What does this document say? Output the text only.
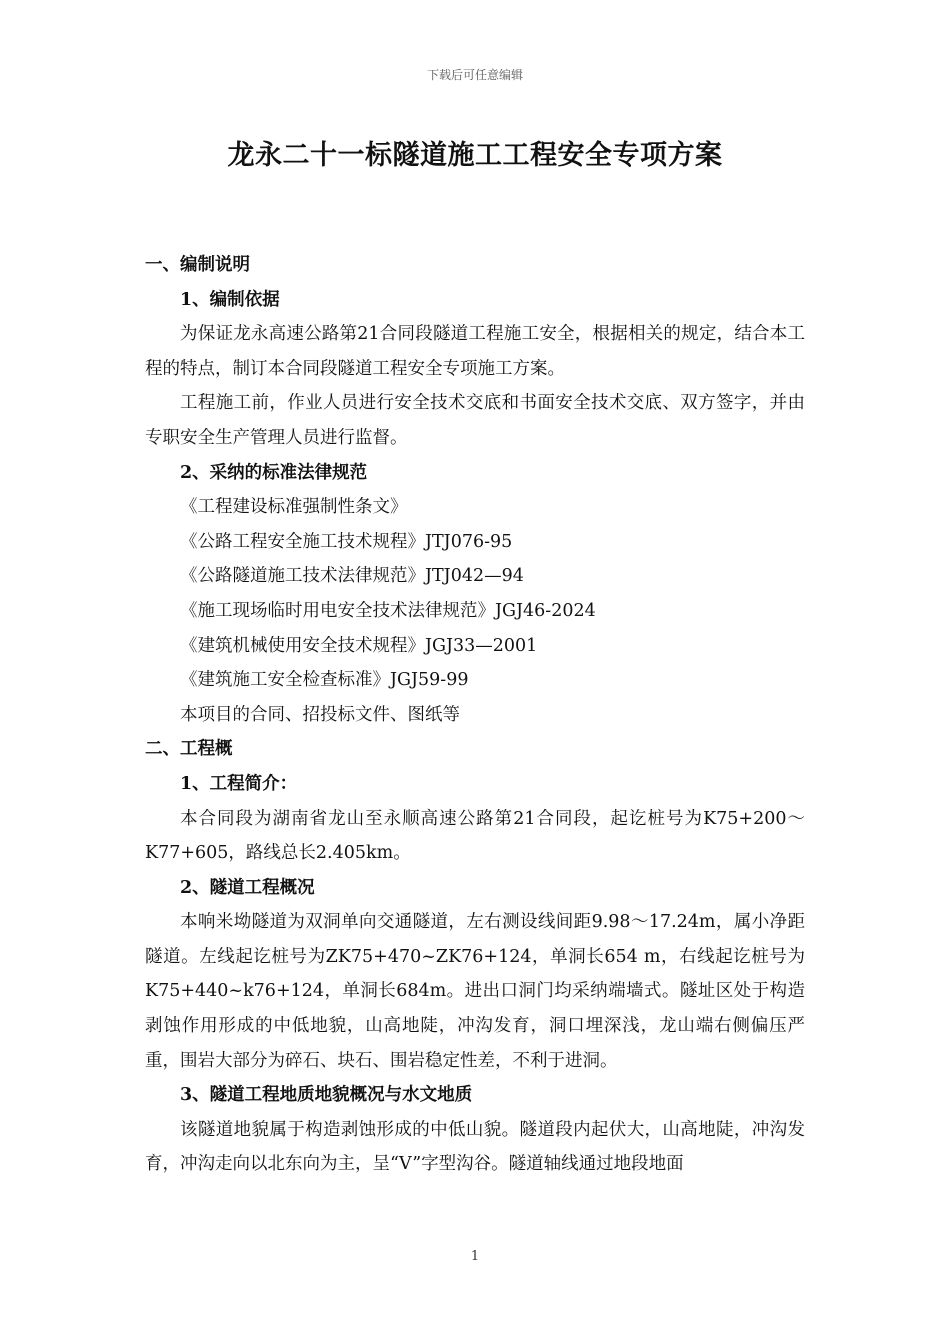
下载后可任意编辑
龙永二十一标隧道施工工程安全专项方案

一、编制说明

1、编制依据

为保证龙永高速公路第21合同段隧道工程施工安全，根据相关的规定，结合本工程的特点，制订本合同段隧道工程安全专项施工方案。

工程施工前，作业人员进行安全技术交底和书面安全技术交底、双方签字，并由专职安全生产管理人员进行监督。

2、采纳的标准法律规范

《工程建设标准强制性条文》

《公路工程安全施工技术规程》JTJ076-95

《公路隧道施工技术法律规范》JTJ042—94

《施工现场临时用电安全技术法律规范》JGJ46-2024

《建筑机械使用安全技术规程》JGJ33—2001

《建筑施工安全检查标准》JGJ59-99

本项目的合同、招投标文件、图纸等

二、工程概

1、工程简介：

本合同段为湖南省龙山至永顺高速公路第21合同段，起讫桩号为K75+200～K77+605，路线总长2.405km。

2、隧道工程概况

本响米坳隧道为双洞单向交通隧道，左右测设线间距9.98～17.24m，属小净距隧道。左线起讫桩号为ZK75+470~ZK76+124，单洞长654 m，右线起讫桩号为K75+440~k76+124，单洞长684m。进出口洞门均采纳端墙式。隧址区处于构造剥蚀作用形成的中低地貌，山高地陡，冲沟发育，洞口埋深浅，龙山端右侧偏压严重，围岩大部分为碎石、块石、围岩稳定性差，不利于进洞。

3、隧道工程地质地貌概况与水文地质

该隧道地貌属于构造剥蚀形成的中低山貌。隧道段内起伏大，山高地陡，冲沟发育，冲沟走向以北东向为主，呈“V”字型沟谷。隧道轴线通过地段地面

1
